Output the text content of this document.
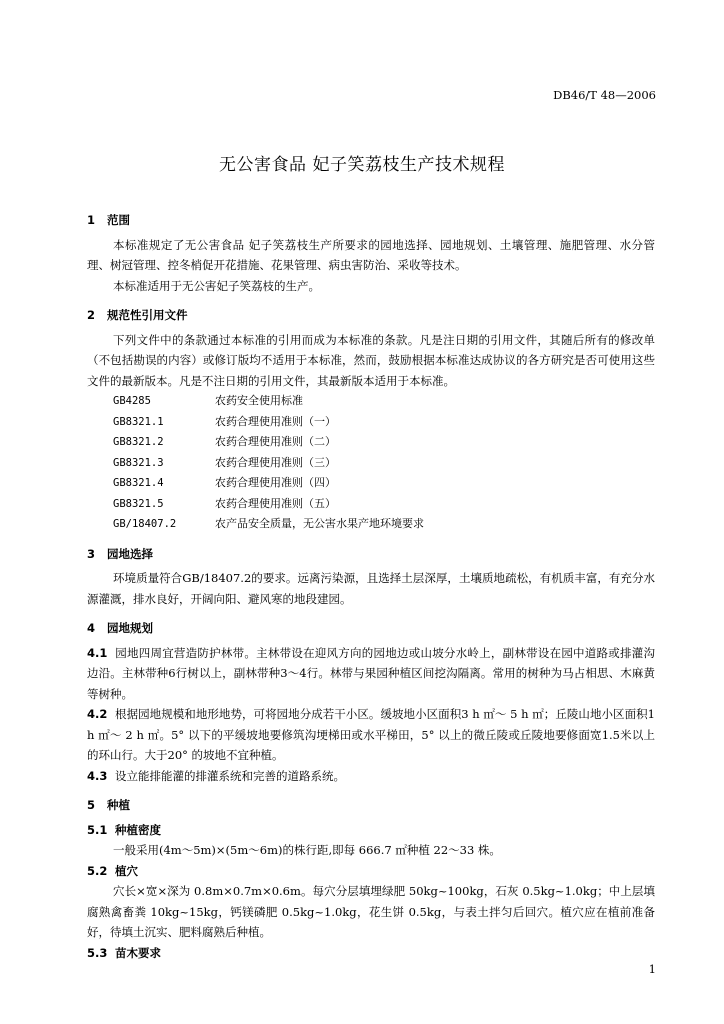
DB46/T 48—2006
无公害食品 妃子笑荔枝生产技术规程
1 范围

本标准规定了无公害食品 妃子笑荔枝生产所要求的园地选择、园地规划、土壤管理、施肥管理、水分管理、树冠管理、控冬梢促开花措施、花果管理、病虫害防治、采收等技术。

本标准适用于无公害妃子笑荔枝的生产。

2 规范性引用文件

下列文件中的条款通过本标准的引用而成为本标准的条款。凡是注日期的引用文件，其随后所有的修改单（不包括勘误的内容）或修订版均不适用于本标准，然而，鼓励根据本标准达成协议的各方研究是否可使用这些文件的最新版本。凡是不注日期的引用文件，其最新版本适用于本标准。

GB4285	农药安全使用标准
GB8321.1	农药合理使用准则（一）
GB8321.2	农药合理使用准则（二）
GB8321.3	农药合理使用准则（三）
GB8321.4	农药合理使用准则（四）
GB8321.5	农药合理使用准则（五）
GB/18407.2	农产品安全质量，无公害水果产地环境要求
3 园地选择

环境质量符合GB/18407.2的要求。远离污染源，且选择土层深厚，土壤质地疏松，有机质丰富，有充分水源灌溉，排水良好，开阔向阳、避风寒的地段建园。

4 园地规划

4.1 园地四周宜营造防护林带。主林带设在迎风方向的园地边或山坡分水岭上，副林带设在园中道路或排灌沟边沿。主林带种6行树以上，副林带种3～4行。林带与果园种植区间挖沟隔离。常用的树种为马占相思、木麻黄等树种。

4.2 根据园地规模和地形地势，可将园地分成若干小区。缓坡地小区面积3 h ㎡～ 5 h ㎡；丘陵山地小区面积1 h ㎡～ 2 h ㎡。5° 以下的平缓坡地要修筑沟埂梯田或水平梯田，5° 以上的微丘陵或丘陵地要修面宽1.5米以上的环山行。大于20° 的坡地不宜种植。

4.3 设立能排能灌的排灌系统和完善的道路系统。

5 种植
5.1 种植密度

一般采用(4m～5m)×(5m～6m)的株行距,即每 666.7 ㎡种植 22～33 株。

5.2 植穴

穴长×宽×深为 0.8m×0.7m×0.6m。每穴分层填埋绿肥 50kg~100kg，石灰 0.5kg~1.0kg；中上层填腐熟禽畜粪 10kg~15kg，钙镁磷肥 0.5kg~1.0kg，花生饼 0.5kg，与表土拌匀后回穴。植穴应在植前准备好，待填土沉实、肥料腐熟后种植。

5.3 苗木要求
1
